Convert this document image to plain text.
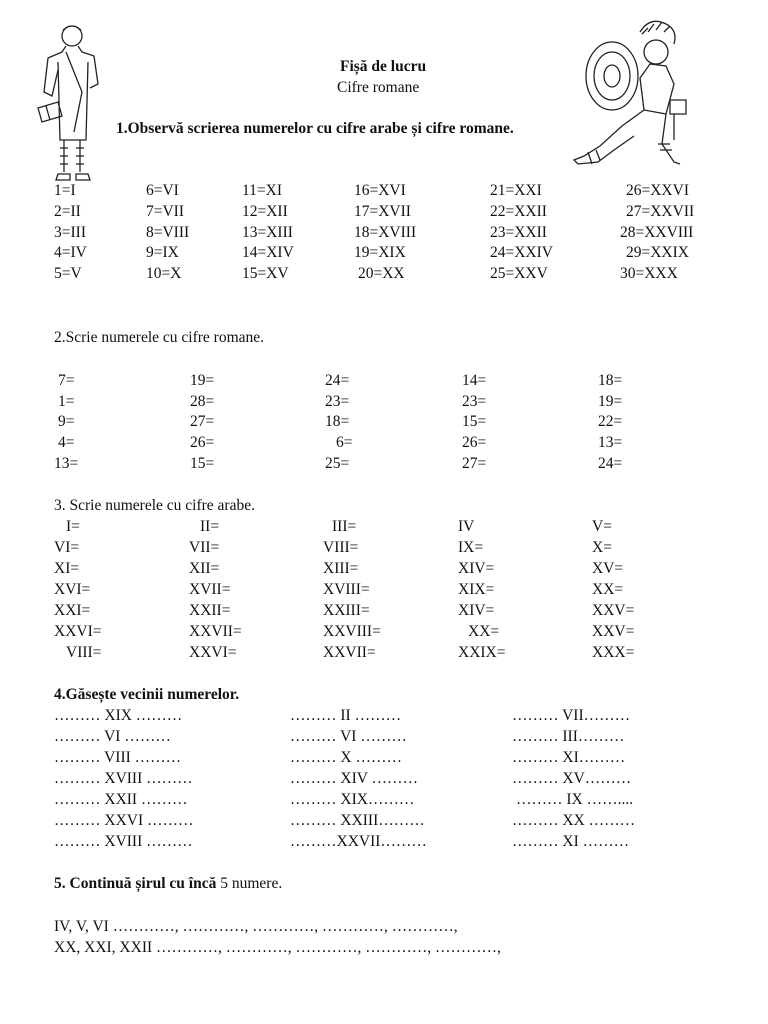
Fișă de lucru
Cifre romane
1.Observă scrierea numerelor cu cifre arabe și cifre romane.
1=I	6=VI	11=XI	16=XVI	21=XXI	26=XXVI
2=II	7=VII	12=XII	17=XVII	22=XXII	27=XXVII
3=III	8=VIII	13=XIII	18=XVIII	23=XXII	28=XXVIII
4=IV	9=IX	14=XIV	19=XIX	24=XXIV	29=XXIX
5=V	10=X	15=XV	20=XX	25=XXV	30=XXX
2.Scrie numerele cu cifre romane.
7=	19=	24=	14=	18=
1=	28=	23=	23=	19=
9=	27=	18=	15=	22=
4=	26=	6=	26=	13=
13=	15=	25=	27=	24=
3. Scrie numerele cu cifre arabe.
I=	II=	III=	IV	V=
VI=	VII=	VIII=	IX=	X=
XI=	XII=	XIII=	XIV=	XV=
XVI=	XVII=	XVIII=	XIX=	XX=
XXI=	XXII=	XXIII=	XIV=	XXV=
XXVI=	XXVII=	XXVIII=	XX=	XXV=
VIII=	XXVI=	XXVII=	XXIX=	XXX=
4.Găsește vecinii numerelor.
……… XIX ………	……… II ………	……… VII………
……… VI ………	……… VI ………	……… III………
……… VIII ………	……… X ………	……… XI………
……… XVIII ………	……… XIV ………	……… XV………
……… XXII ………	……… XIX………	……… IX ……....
……… XXVI ………	……… XXIII………	……… XX ………
……… XVIII ………	………XXVII………	……… XI ………
5. Continuă șirul cu încă 5 numere.
IV, V, VI …………, …………, …………, …………, …………,
XX, XXI, XXII …………, …………, …………, …………, …………,
